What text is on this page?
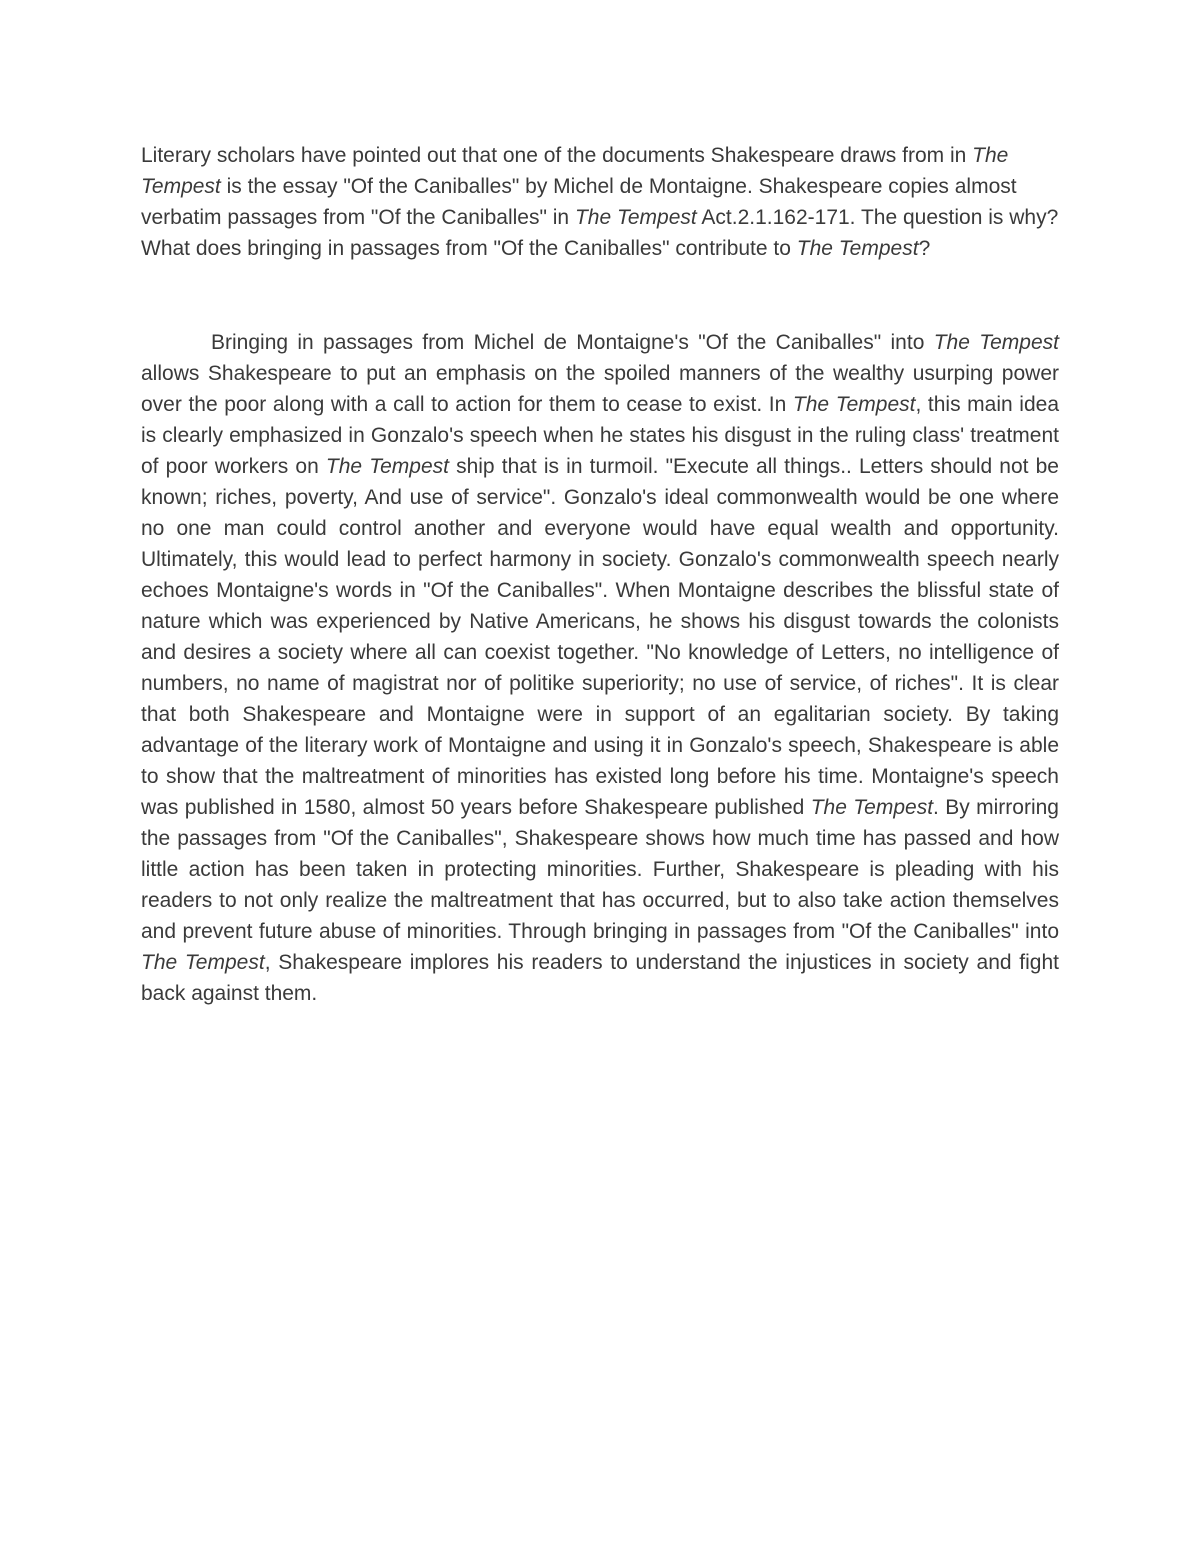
Literary scholars have pointed out that one of the documents Shakespeare draws from in The Tempest is the essay "Of the Caniballes" by Michel de Montaigne. Shakespeare copies almost verbatim passages from "Of the Caniballes" in The Tempest Act.2.1.162-171. The question is why? What does bringing in passages from "Of the Caniballes" contribute to The Tempest?

Bringing in passages from Michel de Montaigne's "Of the Caniballes" into The Tempest allows Shakespeare to put an emphasis on the spoiled manners of the wealthy usurping power over the poor along with a call to action for them to cease to exist. In The Tempest, this main idea is clearly emphasized in Gonzalo's speech when he states his disgust in the ruling class' treatment of poor workers on The Tempest ship that is in turmoil. "Execute all things.. Letters should not be known; riches, poverty, And use of service". Gonzalo's ideal commonwealth would be one where no one man could control another and everyone would have equal wealth and opportunity. Ultimately, this would lead to perfect harmony in society. Gonzalo's commonwealth speech nearly echoes Montaigne's words in "Of the Caniballes". When Montaigne describes the blissful state of nature which was experienced by Native Americans, he shows his disgust towards the colonists and desires a society where all can coexist together. "No knowledge of Letters, no intelligence of numbers, no name of magistrat nor of politike superiority; no use of service, of riches". It is clear that both Shakespeare and Montaigne were in support of an egalitarian society. By taking advantage of the literary work of Montaigne and using it in Gonzalo's speech, Shakespeare is able to show that the maltreatment of minorities has existed long before his time. Montaigne's speech was published in 1580, almost 50 years before Shakespeare published The Tempest. By mirroring the passages from "Of the Caniballes", Shakespeare shows how much time has passed and how little action has been taken in protecting minorities. Further, Shakespeare is pleading with his readers to not only realize the maltreatment that has occurred, but to also take action themselves and prevent future abuse of minorities. Through bringing in passages from "Of the Caniballes" into The Tempest, Shakespeare implores his readers to understand the injustices in society and fight back against them.
